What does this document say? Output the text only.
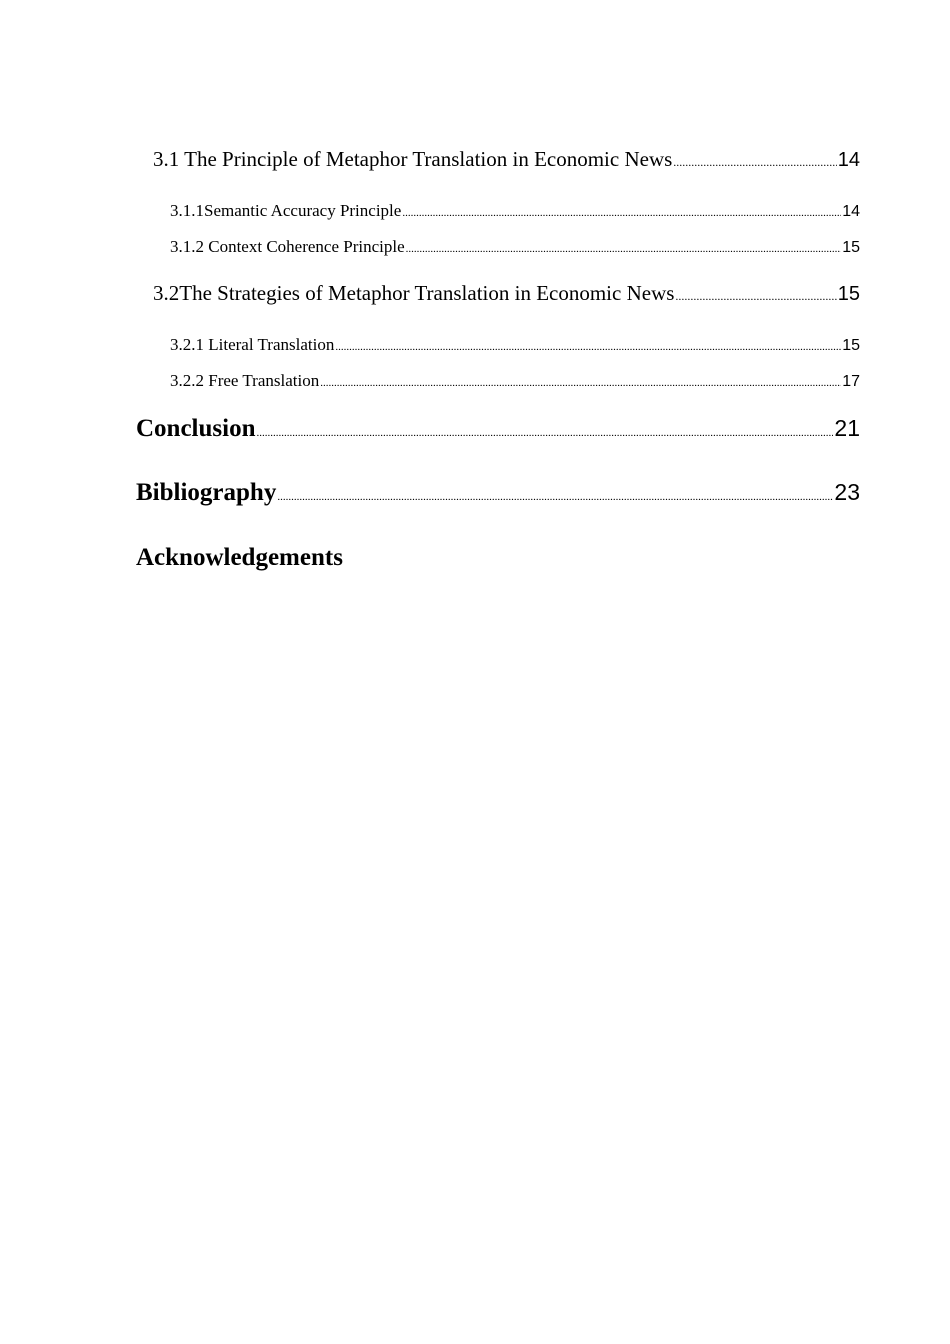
3.1 The Principle of Metaphor Translation in Economic News .....	14
3.1.1Semantic Accuracy Principle .....	14
3.1.2 Context Coherence Principle .....	15
3.2The Strategies of Metaphor Translation in Economic News .....	15
3.2.1 Literal Translation .....	15
3.2.2 Free Translation .....	17
Conclusion .....	21
Bibliography .....	23
Acknowledgements
